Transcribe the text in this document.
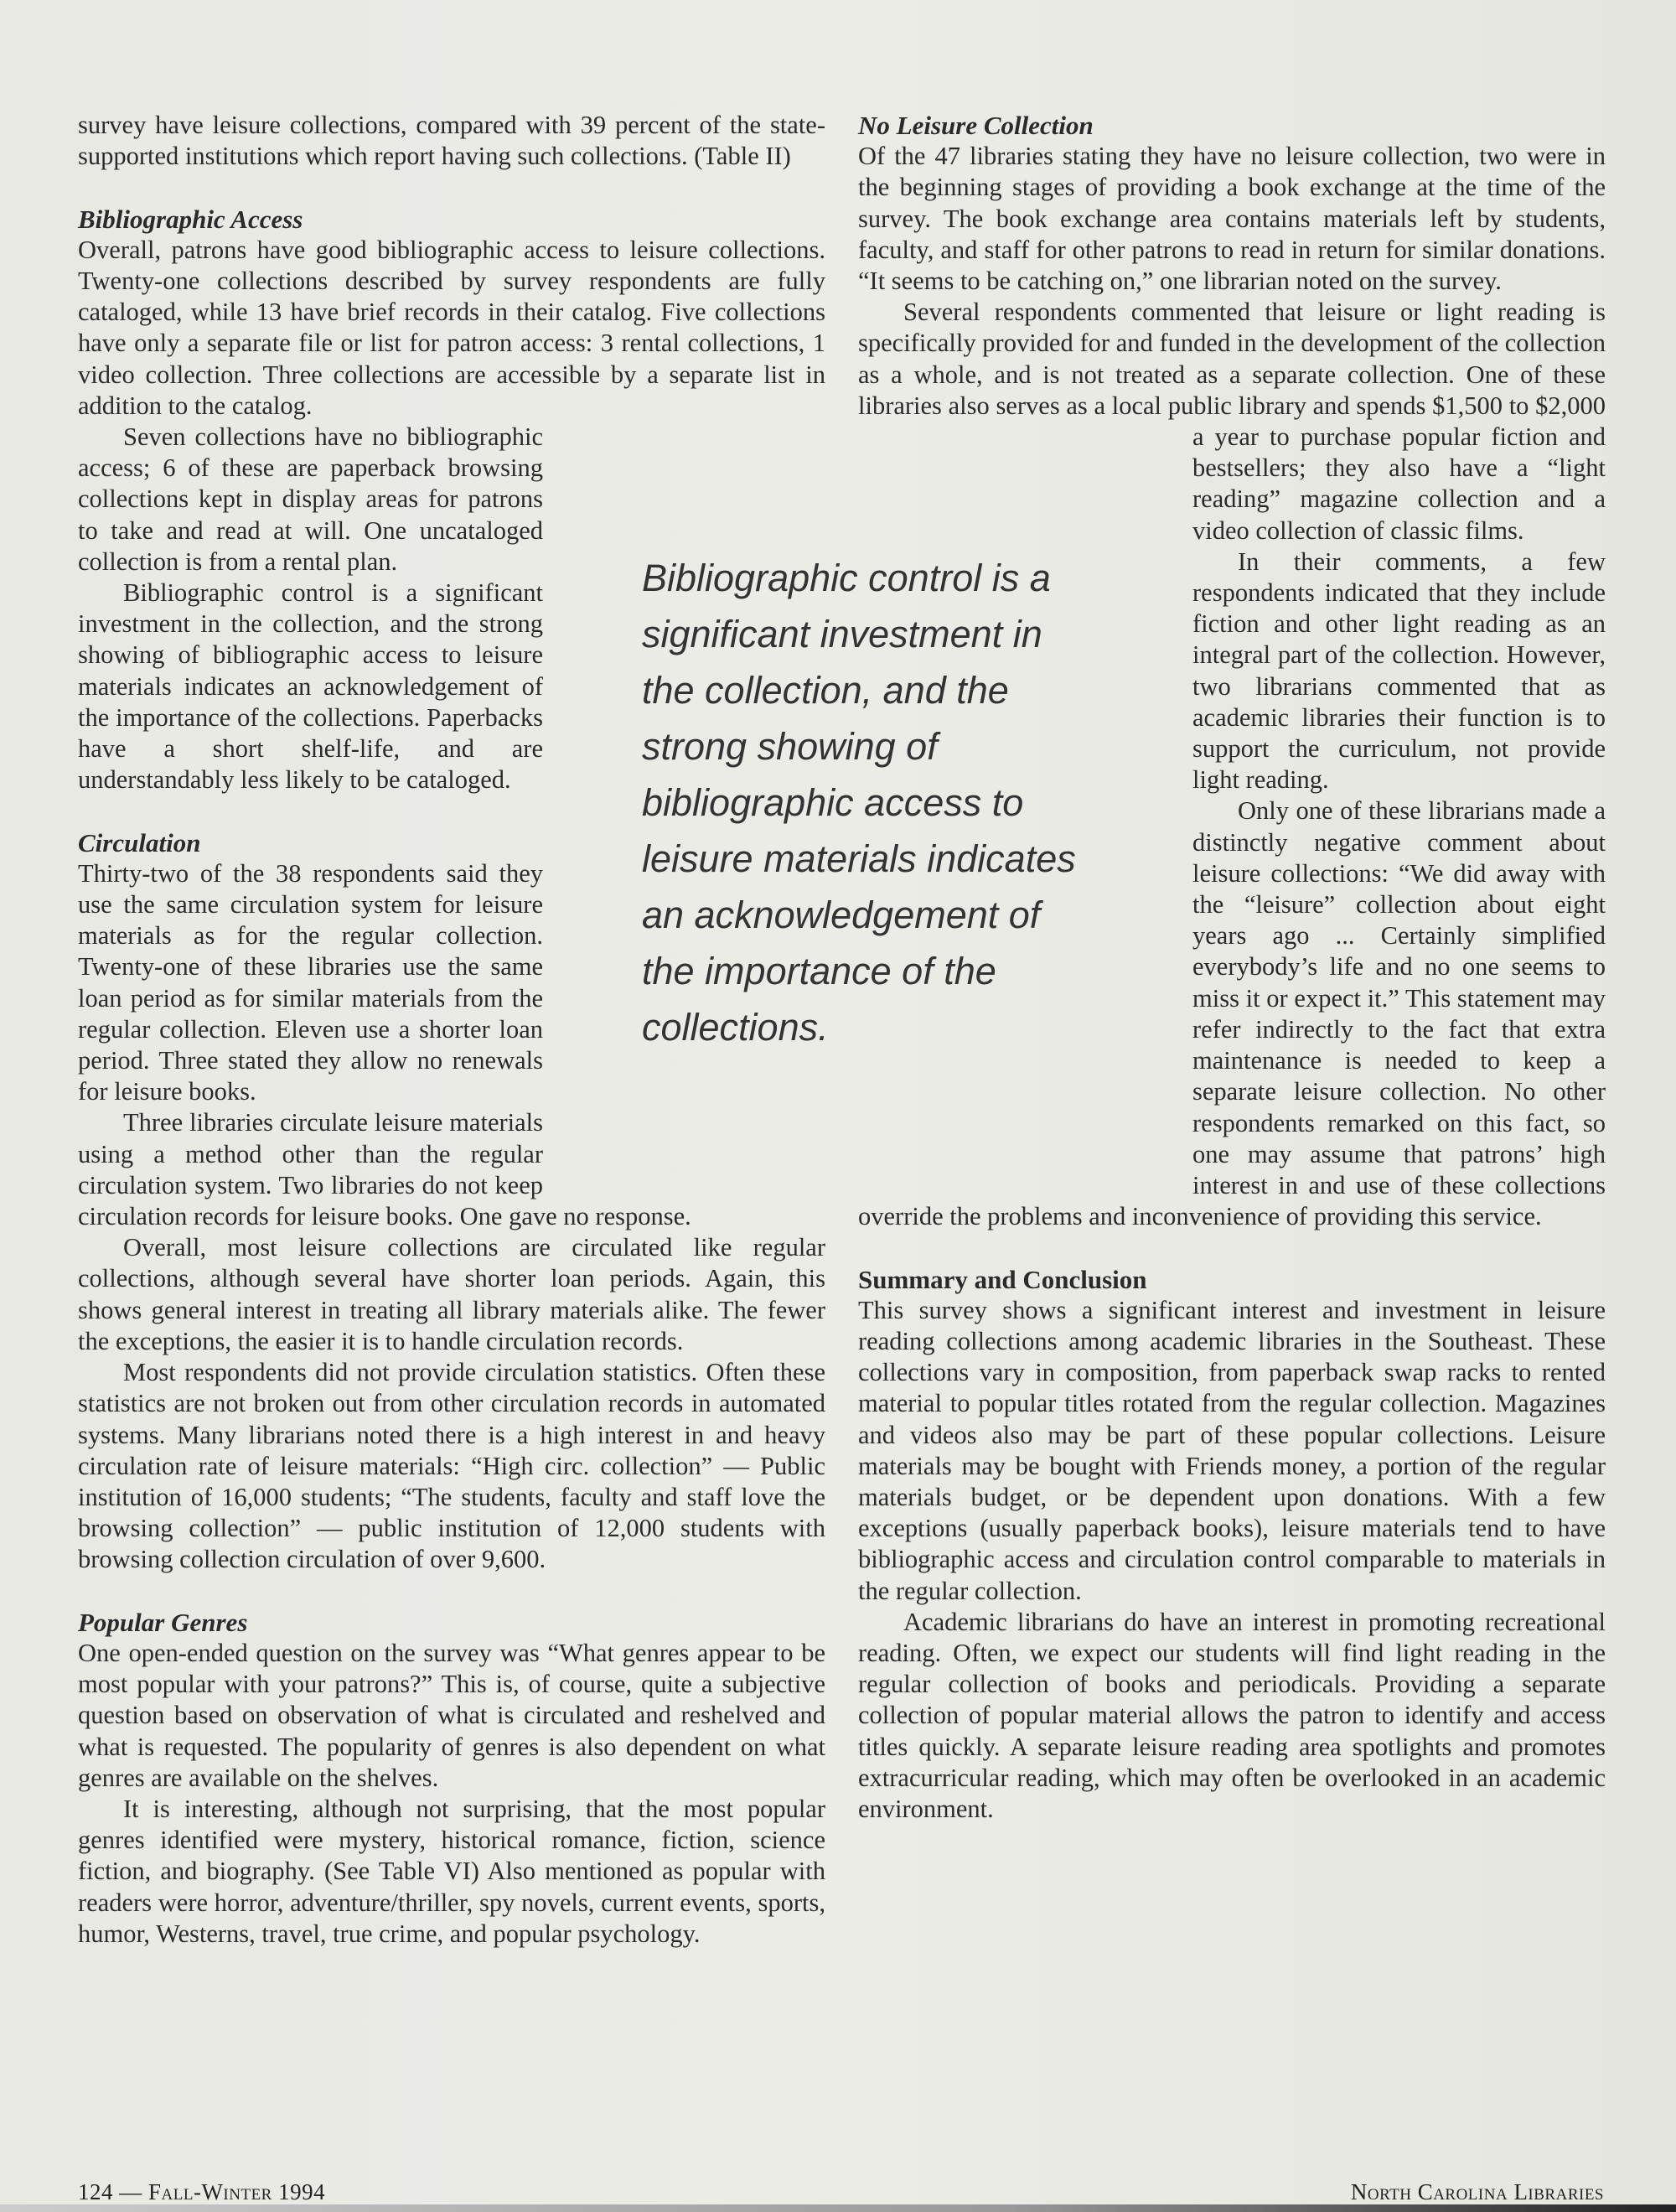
survey have leisure collections, compared with 39 percent of the state-supported institutions which report having such collections. (Table II)

Bibliographic Access

Overall, patrons have good bibliographic access to leisure collections. Twenty-one collections described by survey respondents are fully cataloged, while 13 have brief records in their catalog. Five collections have only a separate file or list for patron access: 3 rental collections, 1 video collection. Three collections are accessible by a separate list in addition to the catalog.

Seven collections have no bibliographic access; 6 of these are paperback browsing collections kept in display areas for patrons to take and read at will. One uncataloged collection is from a rental plan.

Bibliographic control is a significant investment in the collection, and the strong showing of bibliographic access to leisure materials indicates an acknowledgement of the importance of the collections. Paperbacks have a short shelf-life, and are understandably less likely to be cataloged.

Circulation

Thirty-two of the 38 respondents said they use the same circulation system for leisure materials as for the regular collection. Twenty-one of these libraries use the same loan period as for similar materials from the regular collection. Eleven use a shorter loan period. Three stated they allow no renewals for leisure books.

Three libraries circulate leisure materials using a method other than the regular circulation system. Two libraries do not keep circulation records for leisure books. One gave no response.

Overall, most leisure collections are circulated like regular collections, although several have shorter loan periods. Again, this shows general interest in treating all library materials alike. The fewer the exceptions, the easier it is to handle circulation records.

Most respondents did not provide circulation statistics. Often these statistics are not broken out from other circulation records in automated systems. Many librarians noted there is a high interest in and heavy circulation rate of leisure materials: “High circ. collection” — Public institution of 16,000 students; “The students, faculty and staff love the browsing collection” — public institution of 12,000 students with browsing collection circulation of over 9,600.

Popular Genres

One open-ended question on the survey was “What genres appear to be most popular with your patrons?” This is, of course, quite a subjective question based on observation of what is circulated and reshelved and what is requested. The popularity of genres is also dependent on what genres are available on the shelves.

It is interesting, although not surprising, that the most popular genres identified were mystery, historical romance, fiction, science fiction, and biography. (See Table VI) Also mentioned as popular with readers were horror, adventure/thriller, spy novels, current events, sports, humor, Westerns, travel, true crime, and popular psychology.

Bibliographic control is a
significant investment in
the collection, and the
strong showing of
bibliographic access to
leisure materials indicates
an acknowledgement of
the importance of the
collections.
No Leisure Collection

Of the 47 libraries stating they have no leisure collection, two were in the beginning stages of providing a book exchange at the time of the survey. The book exchange area contains materials left by students, faculty, and staff for other patrons to read in return for similar donations. “It seems to be catching on,” one librarian noted on the survey.

Several respondents commented that leisure or light reading is specifically provided for and funded in the development of the collection as a whole, and is not treated as a separate collection. One of these libraries also serves as a local public library and spends $1,500 to $2,000 a year to purchase popular fiction and bestsellers; they also have a “light reading” magazine collection and a video collection of classic films.

In their comments, a few respondents indicated that they include fiction and other light reading as an integral part of the collection. However, two librarians commented that as academic libraries their function is to support the curriculum, not provide light reading.

Only one of these librarians made a distinctly negative comment about leisure collections: “We did away with the “leisure” collection about eight years ago ... Certainly simplified everybody’s life and no one seems to miss it or expect it.” This statement may refer indirectly to the fact that extra maintenance is needed to keep a separate leisure collection. No other respondents remarked on this fact, so one may assume that patrons’ high interest in and use of these collections override the problems and inconvenience of providing this service.

Summary and Conclusion

This survey shows a significant interest and investment in leisure reading collections among academic libraries in the Southeast. These collections vary in composition, from paperback swap racks to rented material to popular titles rotated from the regular collection. Magazines and videos also may be part of these popular collections. Leisure materials may be bought with Friends money, a portion of the regular materials budget, or be dependent upon donations. With a few exceptions (usually paperback books), leisure materials tend to have bibliographic access and circulation control comparable to materials in the regular collection.

Academic librarians do have an interest in promoting recreational reading. Often, we expect our students will find light reading in the regular collection of books and periodicals. Providing a separate collection of popular material allows the patron to identify and access titles quickly. A separate leisure reading area spotlights and promotes extracurricular reading, which may often be overlooked in an academic environment.

124 — Fall-Winter 1994	North Carolina Libraries
